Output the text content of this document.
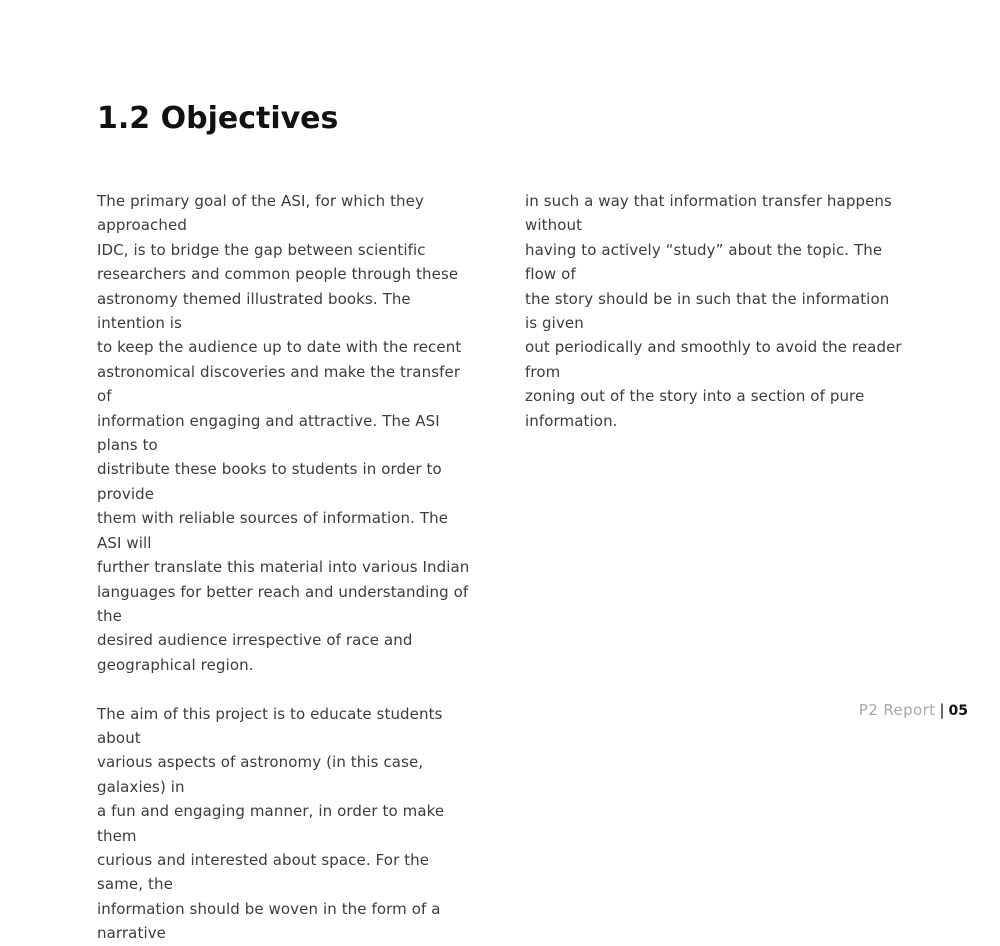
1.2 Objectives

The primary goal of the ASI, for which they approached
IDC, is to bridge the gap between scientific
researchers and common people through these
astronomy themed illustrated books. The intention is
to keep the audience up to date with the recent
astronomical discoveries and make the transfer of
information engaging and attractive. The ASI plans to
distribute these books to students in order to provide
them with reliable sources of information. The ASI will
further translate this material into various Indian
languages for better reach and understanding of the
desired audience irrespective of race and
geographical region.

The aim of this project is to educate students about
various aspects of astronomy (in this case, galaxies) in
a fun and engaging manner, in order to make them
curious and interested about space. For the same, the
information should be woven in the form of a narrative

in such a way that information transfer happens without
having to actively “study” about the topic. The flow of
the story should be in such that the information is given
out periodically and smoothly to avoid the reader from
zoning out of the story into a section of pure
information.

P2 Report | 05
